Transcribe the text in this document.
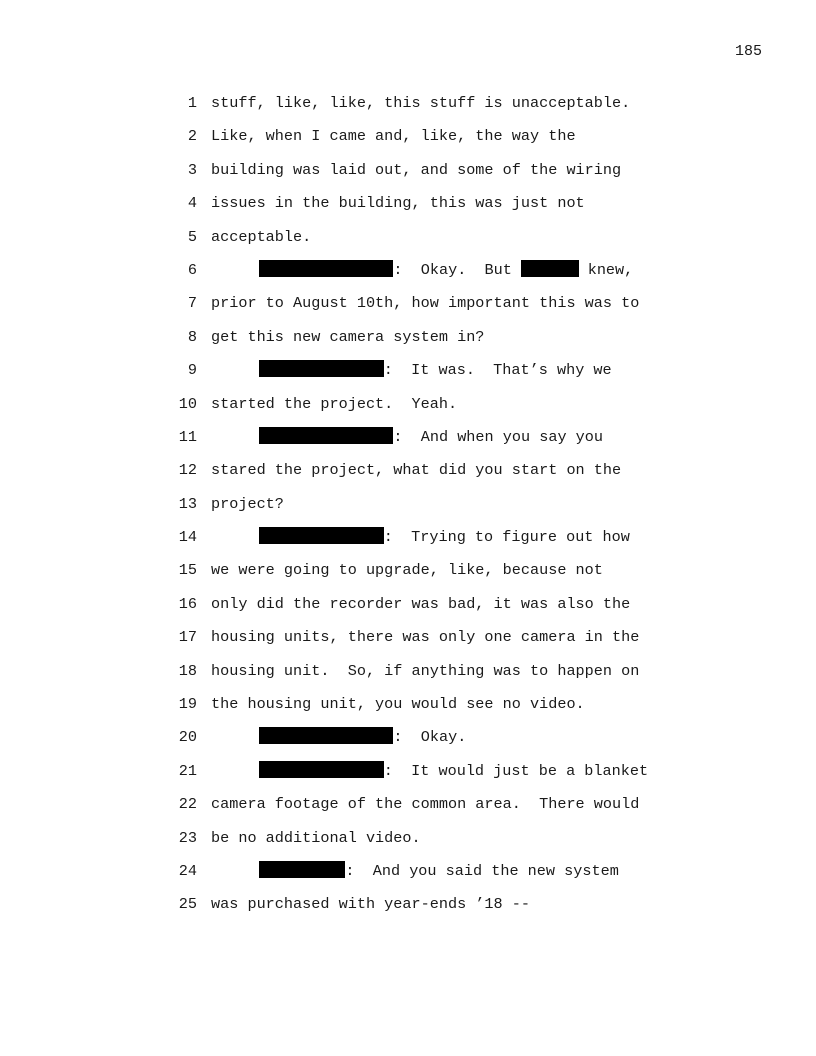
185
1 stuff, like, like, this stuff is unacceptable.
2 Like, when I came and, like, the way the
3 building was laid out, and some of the wiring
4 issues in the building, this was just not
5 acceptable.
6	:  Okay.  But	knew,
7 prior to August 10th, how important this was to
8 get this new camera system in?
9	:  It was.  That’s why we
10 started the project.  Yeah.
11	:  And when you say you
12 stared the project, what did you start on the
13 project?
14	:  Trying to figure out how
15 we were going to upgrade, like, because not
16 only did the recorder was bad, it was also the
17 housing units, there was only one camera in the
18 housing unit.  So, if anything was to happen on
19 the housing unit, you would see no video.
20	:  Okay.
21	:  It would just be a blanket
22 camera footage of the common area.  There would
23 be no additional video.
24	:  And you said the new system
25 was purchased with year-ends ’18 --
